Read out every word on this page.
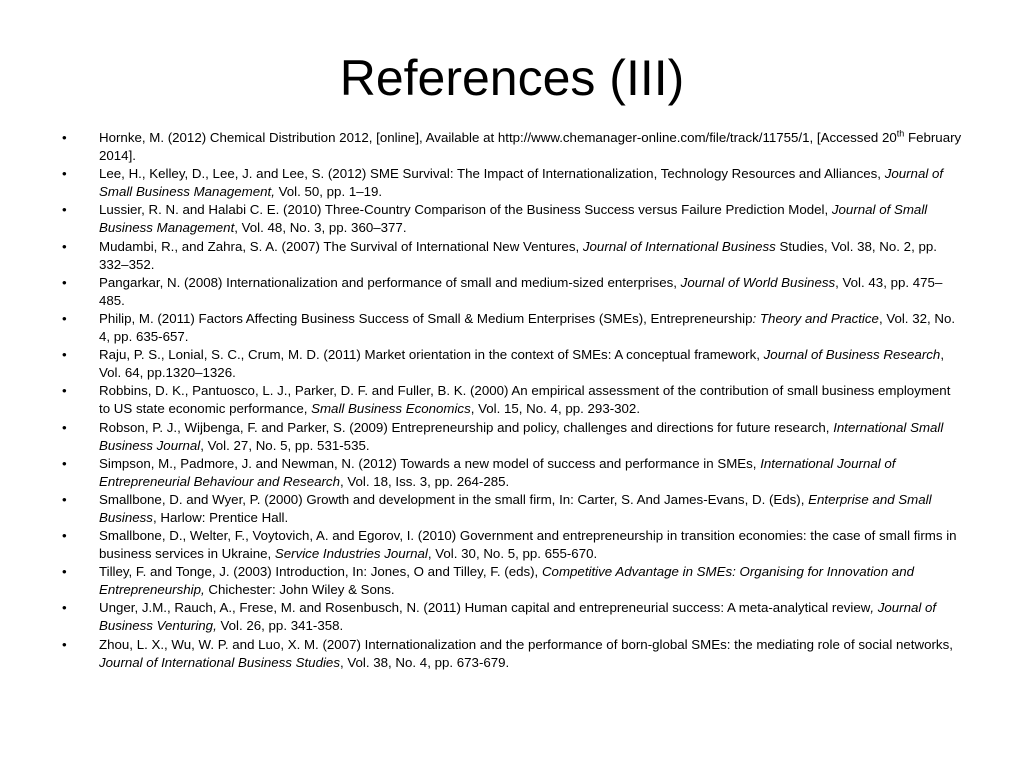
References (III)
•	Hornke, M. (2012) Chemical Distribution 2012, [online], Available at http://www.chemanager-online.com/file/track/11755/1, [Accessed 20th February 2014].
•	Lee, H., Kelley, D., Lee, J. and Lee, S. (2012) SME Survival: The Impact of Internationalization, Technology Resources and Alliances, Journal of Small Business Management, Vol. 50, pp. 1–19.
•	Lussier, R. N. and Halabi C. E. (2010) Three-Country Comparison of the Business Success versus Failure Prediction Model, Journal of Small Business Management, Vol. 48, No. 3, pp. 360–377.
•	Mudambi, R., and Zahra, S. A. (2007) The Survival of International New Ventures, Journal of International Business Studies, Vol. 38, No. 2, pp. 332–352.
•	Pangarkar, N. (2008) Internationalization and performance of small and medium-sized enterprises, Journal of World Business, Vol. 43, pp. 475–485.
•	Philip, M. (2011) Factors Affecting Business Success of Small & Medium Enterprises (SMEs), Entrepreneurship: Theory and Practice, Vol. 32, No. 4, pp. 635-657.
•	Raju, P. S., Lonial, S. C., Crum, M. D. (2011) Market orientation in the context of SMEs: A conceptual framework, Journal of Business Research, Vol. 64, pp.1320–1326.
•	Robbins, D. K., Pantuosco, L. J., Parker, D. F. and Fuller, B. K. (2000) An empirical assessment of the contribution of small business employment to US state economic performance, Small Business Economics, Vol. 15, No. 4, pp. 293-302.
•	Robson, P. J., Wijbenga, F. and Parker, S. (2009) Entrepreneurship and policy, challenges and directions for future research, International Small Business Journal, Vol. 27, No. 5, pp. 531-535.
•	Simpson, M., Padmore, J. and Newman, N. (2012) Towards a new model of success and performance in SMEs, International Journal of Entrepreneurial Behaviour and Research, Vol. 18, Iss. 3, pp. 264-285.
•	Smallbone, D. and Wyer, P. (2000) Growth and development in the small firm, In: Carter, S. And James-Evans, D. (Eds), Enterprise and Small Business, Harlow: Prentice Hall.
•	Smallbone, D., Welter, F., Voytovich, A. and Egorov, I. (2010) Government and entrepreneurship in transition economies: the case of small firms in business services in Ukraine, Service Industries Journal, Vol. 30, No. 5, pp. 655-670.
•	Tilley, F. and Tonge, J. (2003) Introduction, In: Jones, O and Tilley, F. (eds), Competitive Advantage in SMEs: Organising for Innovation and Entrepreneurship, Chichester: John Wiley & Sons.
•	Unger, J.M., Rauch, A., Frese, M. and Rosenbusch, N. (2011) Human capital and entrepreneurial success: A meta-analytical review, Journal of Business Venturing, Vol. 26, pp. 341-358.
•	Zhou, L. X., Wu, W. P. and Luo, X. M. (2007) Internationalization and the performance of born-global SMEs: the mediating role of social networks, Journal of International Business Studies, Vol. 38, No. 4, pp. 673-679.
